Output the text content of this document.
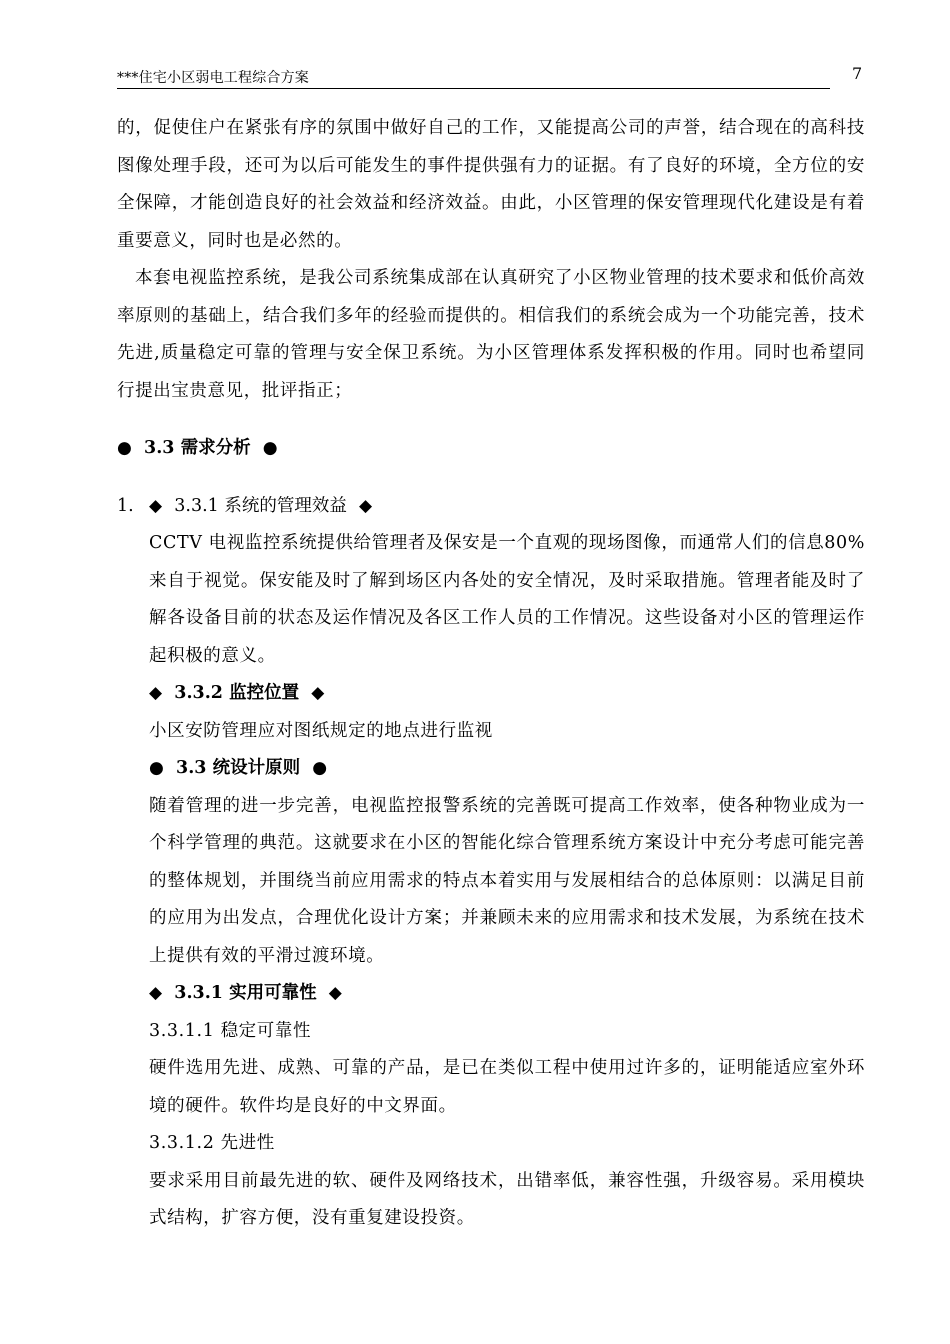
***住宅小区弱电工程综合方案	7

的，促使住户在紧张有序的氛围中做好自己的工作，又能提高公司的声誉，结合现在的高科技图像处理手段，还可为以后可能发生的事件提供强有力的证据。有了良好的环境，全方位的安全保障，才能创造良好的社会效益和经济效益。由此，小区管理的保安管理现代化建设是有着重要意义，同时也是必然的。

本套电视监控系统，是我公司系统集成部在认真研究了小区物业管理的技术要求和低价高效率原则的基础上，结合我们多年的经验而提供的。相信我们的系统会成为一个功能完善，技术先进,质量稳定可靠的管理与安全保卫系统。为小区管理体系发挥积极的作用。同时也希望同行提出宝贵意见，批评指正；

●
3.3 需求分析
●
1. ◆
3.3.1 系统的管理效益
◆

CCTV 电视监控系统提供给管理者及保安是一个直观的现场图像，而通常人们的信息80%来自于视觉。保安能及时了解到场区内各处的安全情况，及时采取措施。管理者能及时了解各设备目前的状态及运作情况及各区工作人员的工作情况。这些设备对小区的管理运作起积极的意义。

◆
3.3.2 监控位置
◆

小区安防管理应对图纸规定的地点进行监视

●
3.3 统设计原则
●

随着管理的进一步完善，电视监控报警系统的完善既可提高工作效率，使各种物业成为一个科学管理的典范。这就要求在小区的智能化综合管理系统方案设计中充分考虑可能完善的整体规划，并围绕当前应用需求的特点本着实用与发展相结合的总体原则：以满足目前的应用为出发点，合理优化设计方案；并兼顾未来的应用需求和技术发展，为系统在技术上提供有效的平滑过渡环境。

◆
3.3.1 实用可靠性
◆

3.3.1.1 稳定可靠性

硬件选用先进、成熟、可靠的产品，是已在类似工程中使用过许多的，证明能适应室外环境的硬件。软件均是良好的中文界面。

3.3.1.2 先进性

要求采用目前最先进的软、硬件及网络技术，出错率低，兼容性强，升级容易。采用模块式结构，扩容方便，没有重复建设投资。
